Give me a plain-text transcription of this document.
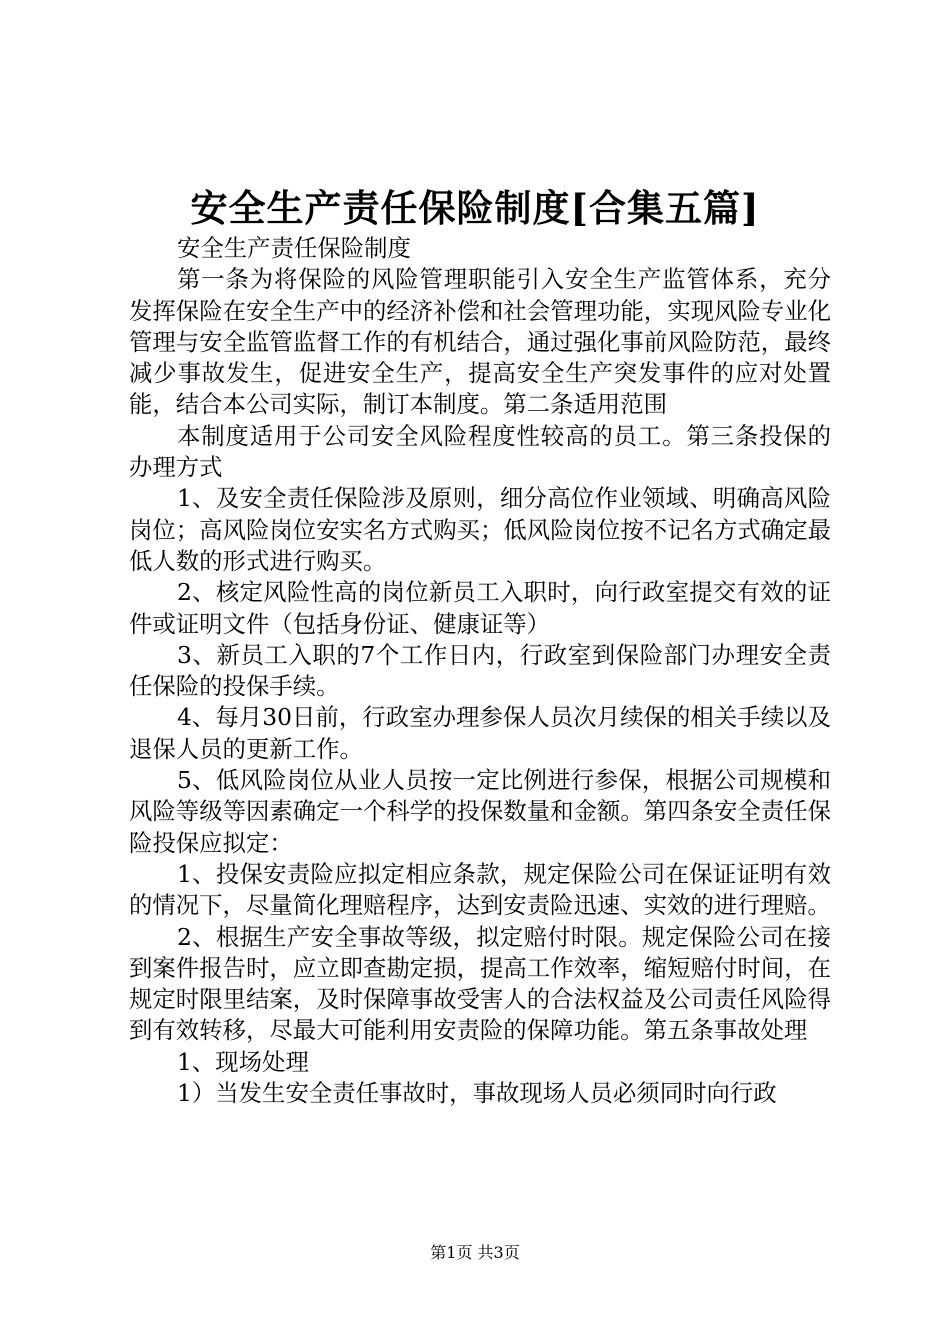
安全生产责任保险制度[合集五篇]

安全生产责任保险制度

第一条为将保险的风险管理职能引入安全生产监管体系，充分发挥保险在安全生产中的经济补偿和社会管理功能，实现风险专业化管理与安全监管监督工作的有机结合，通过强化事前风险防范，最终减少事故发生，促进安全生产，提高安全生产突发事件的应对处置能，结合本公司实际，制订本制度。第二条适用范围

本制度适用于公司安全风险程度性较高的员工。第三条投保的办理方式

1、及安全责任保险涉及原则，细分高位作业领域、明确高风险岗位；高风险岗位安实名方式购买；低风险岗位按不记名方式确定最低人数的形式进行购买。

2、核定风险性高的岗位新员工入职时，向行政室提交有效的证件或证明文件（包括身份证、健康证等）

3、新员工入职的7个工作日内，行政室到保险部门办理安全责任保险的投保手续。

4、每月30日前，行政室办理参保人员次月续保的相关手续以及退保人员的更新工作。

5、低风险岗位从业人员按一定比例进行参保，根据公司规模和风险等级等因素确定一个科学的投保数量和金额。第四条安全责任保险投保应拟定：

1、投保安责险应拟定相应条款，规定保险公司在保证证明有效的情况下，尽量简化理赔程序，达到安责险迅速、实效的进行理赔。

2、根据生产安全事故等级，拟定赔付时限。规定保险公司在接到案件报告时，应立即查勘定损，提高工作效率，缩短赔付时间，在规定时限里结案，及时保障事故受害人的合法权益及公司责任风险得到有效转移，尽最大可能利用安责险的保障功能。第五条事故处理

1、现场处理

1）当发生安全责任事故时，事故现场人员必须同时向行政

第1页 共3页
